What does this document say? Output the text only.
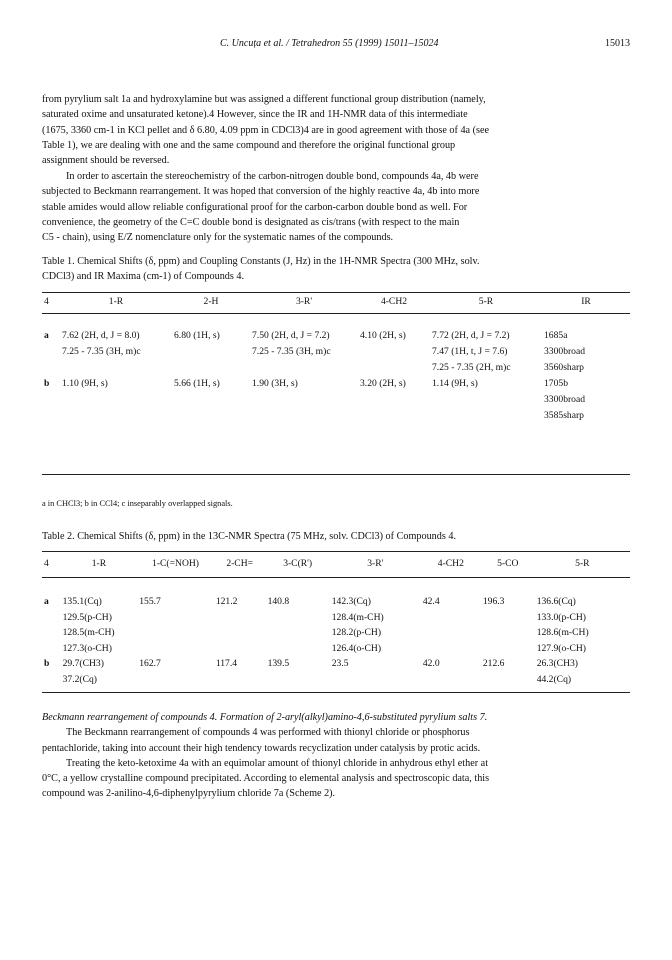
C. Uncuța et al. / Tetrahedron 55 (1999) 15011–15024	15013
from pyrylium salt 1a and hydroxylamine but was assigned a different functional group distribution (namely,
saturated oxime and unsaturated ketone).4 However, since the IR and 1H-NMR data of this intermediate
(1675, 3360 cm-1 in KCl pellet and δ 6.80, 4.09 ppm in CDCl3)4 are in good agreement with those of 4a (see
Table 1), we are dealing with one and the same compound and therefore the original functional group
assignment should be reversed.
In order to ascertain the stereochemistry of the carbon-nitrogen double bond, compounds 4a, 4b were
subjected to Beckmann rearrangement. It was hoped that conversion of the highly reactive 4a, 4b into more
stable amides would allow reliable configurational proof for the carbon-carbon double bond as well. For
convenience, the geometry of the C=C double bond is designated as cis/trans (with respect to the main
C5 - chain), using E/Z nomenclature only for the systematic names of the compounds.
Table 1. Chemical Shifts (δ, ppm) and Coupling Constants (J, Hz) in the 1H-NMR Spectra (300 MHz, solv.
CDCl3) and IR Maxima (cm-1) of Compounds 4.
4	1-R	2-H	3-R'	4-CH2	5-R	IR
a	7.62 (2H, d, J = 8.0)	6.80 (1H, s)	7.50 (2H, d, J = 7.2)	4.10 (2H, s)	7.72 (2H, d, J = 7.2)	1685a
	7.25 - 7.35 (3H, m)c		7.25 - 7.35 (3H, m)c		7.47 (1H, t, J = 7.6)	3300broad
					7.25 - 7.35 (2H, m)c	3560sharp
b	1.10 (9H, s)	5.66 (1H, s)	1.90 (3H, s)	3.20 (2H, s)	1.14 (9H, s)	1705b
						3300broad
						3585sharp
a in CHCl3; b in CCl4; c inseparably overlapped signals.
Table 2. Chemical Shifts (δ, ppm) in the 13C-NMR Spectra (75 MHz, solv. CDCl3) of Compounds 4.
4	1-R	1-C(=NOH)	2-CH=	3-C(R')	3-R'	4-CH2	5-CO	5-R
a	135.1(Cq)	155.7	121.2	140.8	142.3(Cq)	42.4	196.3	136.6(Cq)
	129.5(p-CH)				128.4(m-CH)			133.0(p-CH)
	128.5(m-CH)				128.2(p-CH)			128.6(m-CH)
	127.3(o-CH)				126.4(o-CH)			127.9(o-CH)
b	29.7(CH3)	162.7	117.4	139.5	23.5	42.0	212.6	26.3(CH3)
	37.2(Cq)							44.2(Cq)
Beckmann rearrangement of compounds 4. Formation of 2-aryl(alkyl)amino-4,6-substituted pyrylium salts 7.
The Beckmann rearrangement of compounds 4 was performed with thionyl chloride or phosphorus
pentachloride, taking into account their high tendency towards recyclization under catalysis by protic acids.
Treating the keto-ketoxime 4a with an equimolar amount of thionyl chloride in anhydrous ethyl ether at
0°C, a yellow crystalline compound precipitated. According to elemental analysis and spectroscopic data, this
compound was 2-anilino-4,6-diphenylpyrylium chloride 7a (Scheme 2).
